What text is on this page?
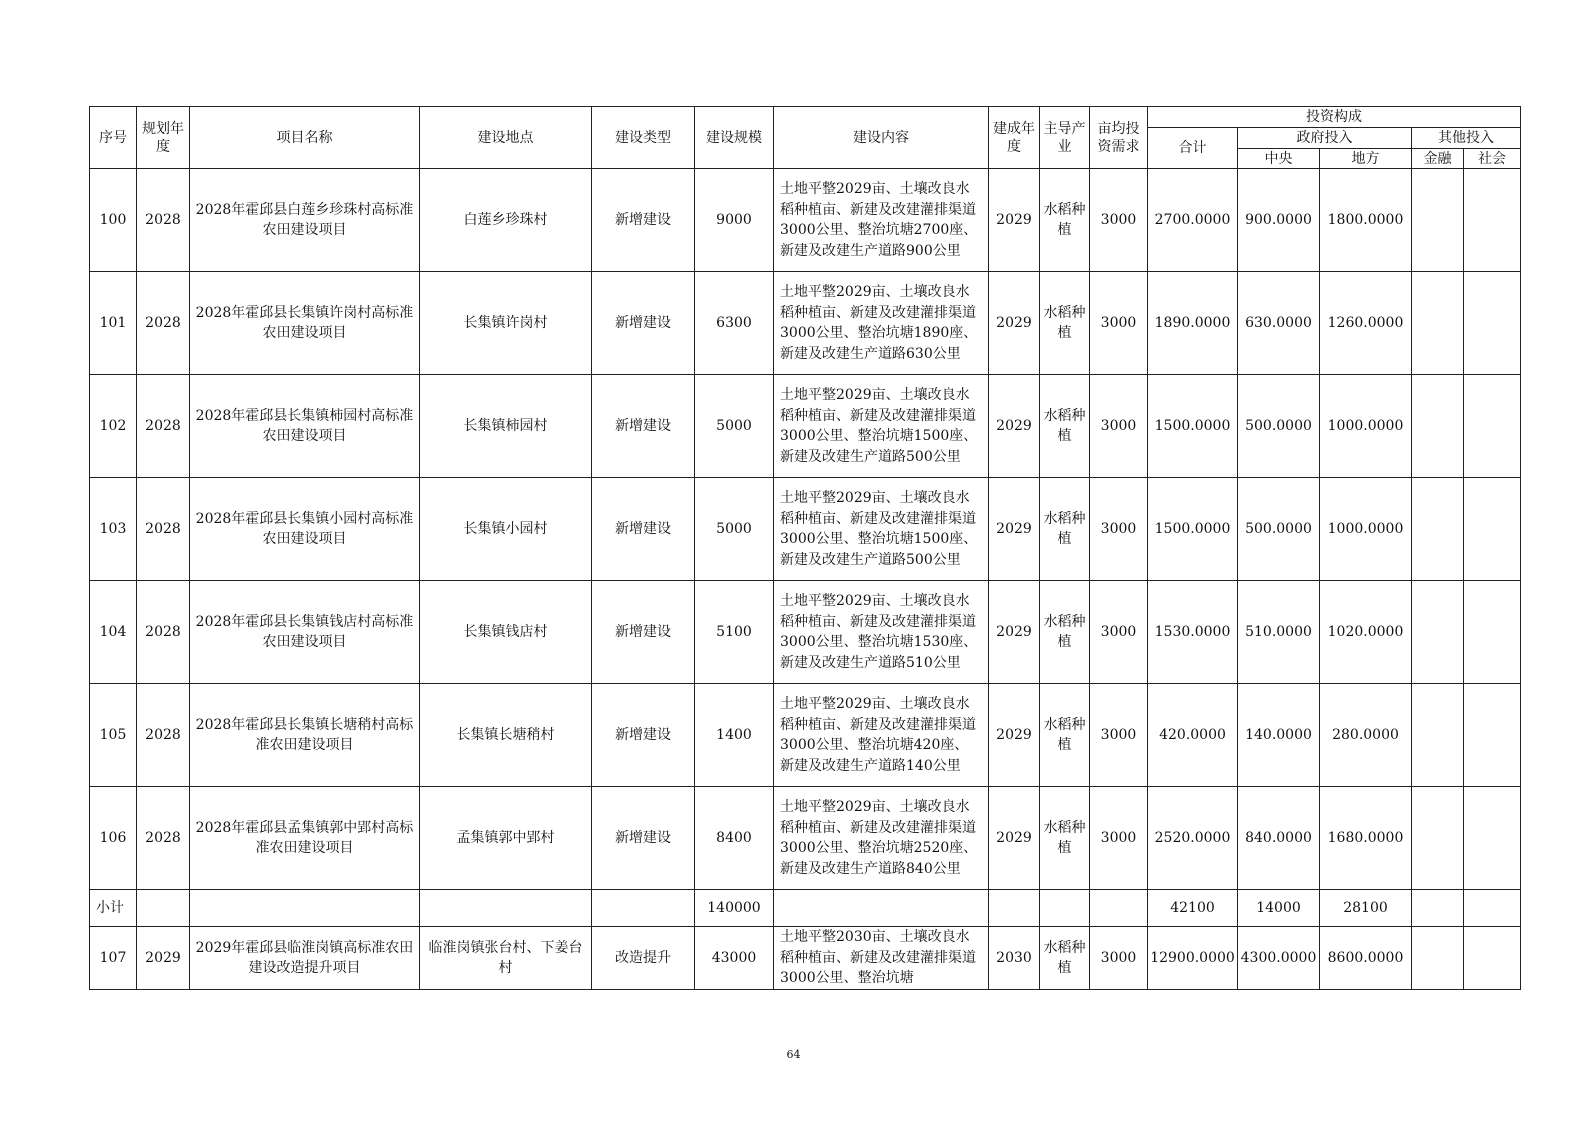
序号	规划年度	项目名称	建设地点	建设类型	建设规模	建设内容	建成年度	主导产业	亩均投资需求	投资构成				
										合计	政府投入		其他投入	
											中央	地方	金融	社会
100	2028	2028年霍邱县白莲乡珍珠村高标准农田建设项目	白莲乡珍珠村	新增建设	9000	土地平整2029亩、土壤改良水稻种植亩、新建及改建灌排渠道3000公里、整治坑塘2700座、新建及改建生产道路900公里	2029	水稻种植	3000	2700.0000	900.0000	1800.0000		
101	2028	2028年霍邱县长集镇许岗村高标准农田建设项目	长集镇许岗村	新增建设	6300	土地平整2029亩、土壤改良水稻种植亩、新建及改建灌排渠道3000公里、整治坑塘1890座、新建及改建生产道路630公里	2029	水稻种植	3000	1890.0000	630.0000	1260.0000		
102	2028	2028年霍邱县长集镇柿园村高标准农田建设项目	长集镇柿园村	新增建设	5000	土地平整2029亩、土壤改良水稻种植亩、新建及改建灌排渠道3000公里、整治坑塘1500座、新建及改建生产道路500公里	2029	水稻种植	3000	1500.0000	500.0000	1000.0000		
103	2028	2028年霍邱县长集镇小园村高标准农田建设项目	长集镇小园村	新增建设	5000	土地平整2029亩、土壤改良水稻种植亩、新建及改建灌排渠道3000公里、整治坑塘1500座、新建及改建生产道路500公里	2029	水稻种植	3000	1500.0000	500.0000	1000.0000		
104	2028	2028年霍邱县长集镇钱店村高标准农田建设项目	长集镇钱店村	新增建设	5100	土地平整2029亩、土壤改良水稻种植亩、新建及改建灌排渠道3000公里、整治坑塘1530座、新建及改建生产道路510公里	2029	水稻种植	3000	1530.0000	510.0000	1020.0000		
105	2028	2028年霍邱县长集镇长塘稍村高标准农田建设项目	长集镇长塘稍村	新增建设	1400	土地平整2029亩、土壤改良水稻种植亩、新建及改建灌排渠道3000公里、整治坑塘420座、新建及改建生产道路140公里	2029	水稻种植	3000	420.0000	140.0000	280.0000		
106	2028	2028年霍邱县孟集镇郭中郢村高标准农田建设项目	孟集镇郭中郢村	新增建设	8400	土地平整2029亩、土壤改良水稻种植亩、新建及改建灌排渠道3000公里、整治坑塘2520座、新建及改建生产道路840公里	2029	水稻种植	3000	2520.0000	840.0000	1680.0000		
小计					140000					42100	14000	28100		
107	2029	2029年霍邱县临淮岗镇高标准农田建设改造提升项目	临淮岗镇张台村、下姜台村	改造提升	43000	土地平整2030亩、土壤改良水稻种植亩、新建及改建灌排渠道3000公里、整治坑塘	2030	水稻种植	3000	12900.0000	4300.0000	8600.0000		
64
